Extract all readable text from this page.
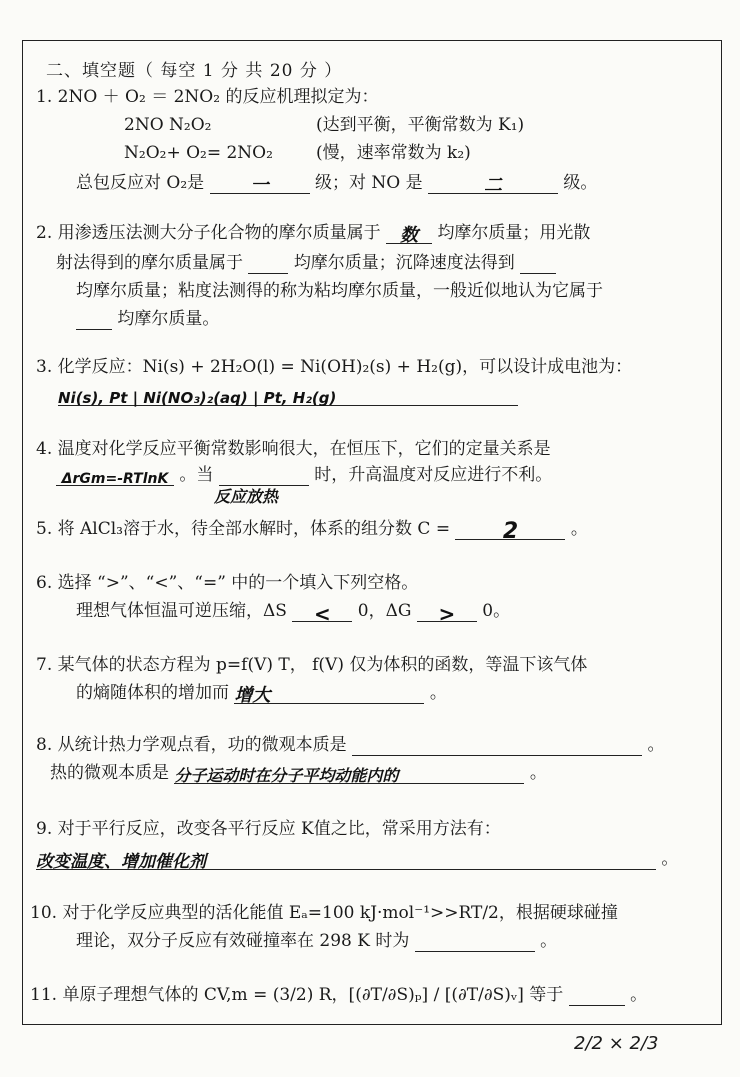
二、填空题（ 每空 1 分 共 20 分 ）
1. 2NO ＋ O₂ ＝ 2NO₂ 的反应机理拟定为：
2NO N₂O₂	(达到平衡，平衡常数为 K₁)
N₂O₂+ O₂= 2NO₂	(慢，速率常数为 k₂)
总包反应对 O₂是	一	级；对 NO 是	二	级。
2. 用渗透压法测大分子化合物的摩尔质量属于 数 均摩尔质量；用光散
射法得到的摩尔质量属于	均摩尔质量；沉降速度法得到
均摩尔质量；粘度法测得的称为粘均摩尔质量，一般近似地认为它属于
均摩尔质量。
3. 化学反应：Ni(s) + 2H₂O(l) = Ni(OH)₂(s) + H₂(g)，可以设计成电池为：
Ni(s), Pt | Ni(NO₃)₂(aq) | Pt, H₂(g)
4. 温度对化学反应平衡常数影响很大，在恒压下，它们的定量关系是
ΔrGm=-RTlnK 。当	时，升高温度对反应进行不利。
反应放热
5. 将 AlCl₃溶于水，待全部水解时，体系的组分数 C = 2	。
6. 选择 “>”、“<”、“=” 中的一个填入下列空格。
理想气体恒温可逆压缩，ΔS < 0，ΔG > 0。
7. 某气体的状态方程为 p=f(V) T， f(V) 仅为体积的函数，等温下该气体
的熵随体积的增加而 增大	。
8. 从统计热力学观点看，功的微观本质是	。
热的微观本质是 分子运动时在分子平均动能内的	。
9. 对于平行反应，改变各平行反应 K值之比，常采用方法有：
改变温度、增加催化剂	。
10. 对于化学反应典型的活化能值 Eₐ=100 kJ·mol⁻¹>>RT/2，根据硬球碰撞
理论，双分子反应有效碰撞率在 298 K 时为	。
11. 单原子理想气体的 CV,m = (3/2) R，[(∂T/∂S)ₚ] / [(∂T/∂S)ᵥ] 等于	。
2/2 × 2/3
